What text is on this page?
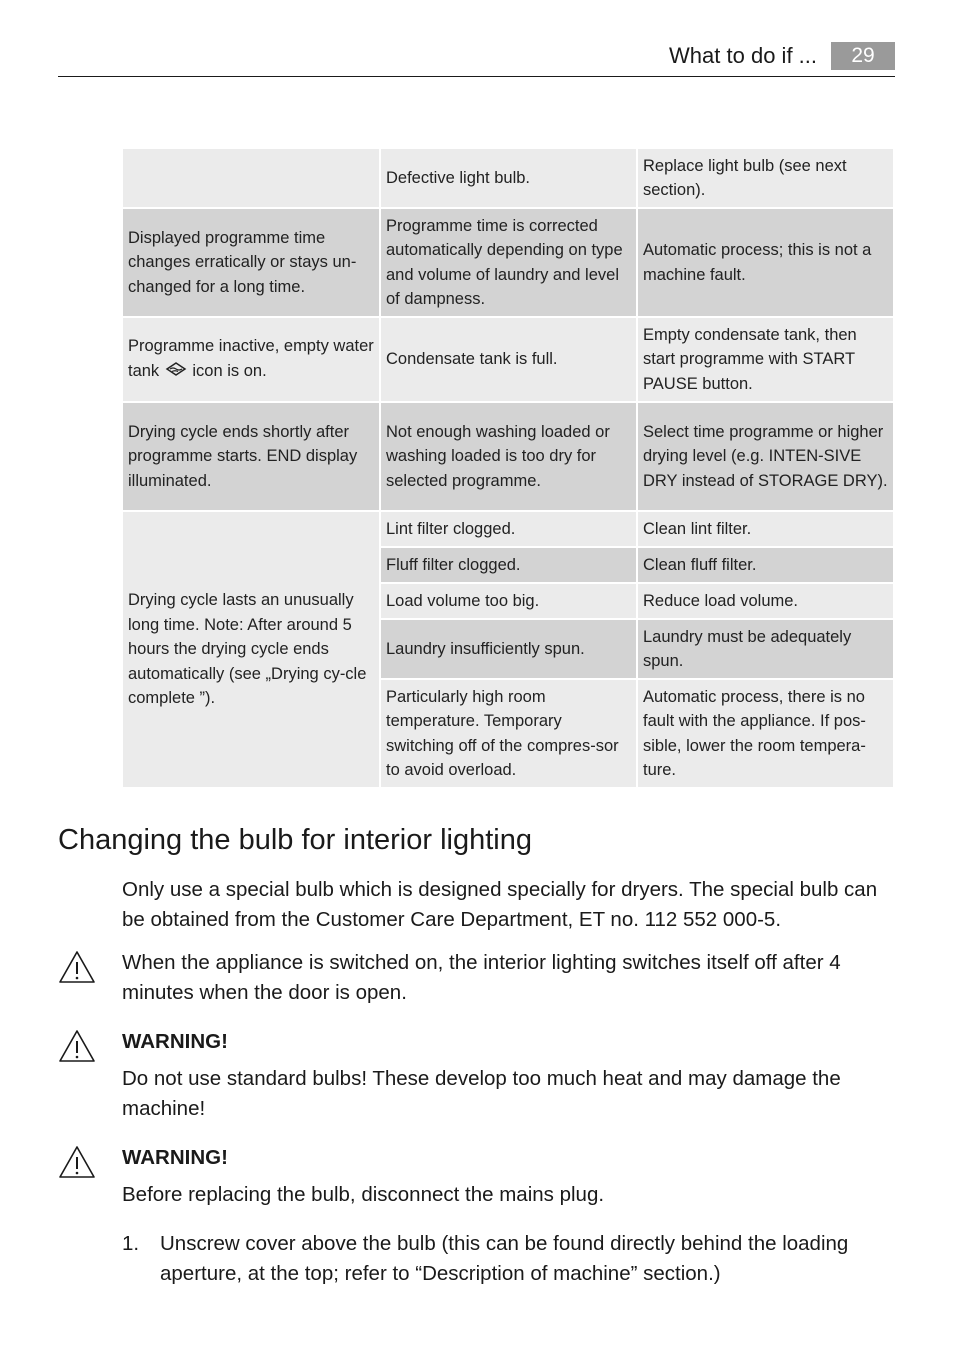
What to do if ...	29
	Defective light bulb.	Replace light bulb (see next section).
Displayed programme time changes erratically or stays un-changed for a long time.	Programme time is corrected automatically depending on type and volume of laundry and level of dampness.	Automatic process; this is not a machine fault.
Programme inactive, empty water tank icon is on.	Condensate tank is full.	Empty condensate tank, then start programme with START PAUSE button.
Drying cycle ends shortly after programme starts. END display illuminated.	Not enough washing loaded or washing loaded is too dry for selected programme.	Select time programme or higher drying level (e.g. INTEN-SIVE DRY instead of STORAGE DRY).
Drying cycle lasts an unusually long time. Note: After around 5 hours the drying cycle ends automatically (see „Drying cy-cle complete ”).	Lint filter clogged.	Clean lint filter.
	Fluff filter clogged.	Clean fluff filter.
	Load volume too big.	Reduce load volume.
	Laundry insufficiently spun.	Laundry must be adequately spun.
	Particularly high room temperature. Temporary switching off of the compres-sor to avoid overload.	Automatic process, there is no fault with the appliance. If pos-sible, lower the room tempera-ture.
Changing the bulb for interior lighting

Only use a special bulb which is designed specially for dryers. The special bulb can be obtained from the Customer Care Department, ET no. 112 552 000-5.

When the appliance is switched on, the interior lighting switches itself off after 4 minutes when the door is open.

WARNING!

Do not use standard bulbs! These develop too much heat and may damage the machine!

WARNING!

Before replacing the bulb, disconnect the mains plug.

1. Unscrew cover above the bulb (this can be found directly behind the loading aperture, at the top; refer to “Description of machine” section.)
